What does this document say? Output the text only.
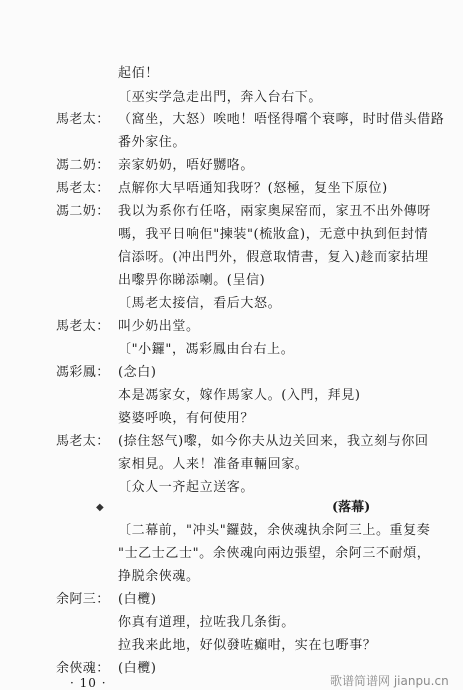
起佰！
〔巫实学急走出門，奔入台右下。
馬老太： （窩坐，大怒）唉吔！唔怪得嚐个衰嚀，时时借头借路
番外家住。
馮二奶： 亲家奶奶，唔好嬲咯。
馬老太： 点解你大早唔通知我呀？(怒極，复坐下原位)
馮二奶： 我以为系你冇任咯，兩家奥屎窑而，家丑不出外傳呀
嗎，我平日响佢"揀装"(梳妝盒)，无意中执到佢封情
信添呀。(冲出門外，假意取情書，复入)趁而家拈埋
出嚟畀你睇添喇。(呈信)
〔馬老太接信，看后大怒。
馬老太： 叫少奶出堂。
〔"小鑼"，馮彩鳳由台右上。
馮彩鳳： (念白)
本是馮家女，嫁作馬家人。(入門，拜見)
婆婆呼唤，有何使用？
馬老太： (捺住怒气)嚟，如今你夫从边关回来，我立刻与你回
家相見。人来！准备車輛回家。
〔众人一齐起立送客。
◆	(落幕)
〔二幕前，"冲头"鑼鼓，余俠魂执余阿三上。重复奏
"士乙士乙士"。余俠魂向兩边張望，余阿三不耐煩，
挣脱余俠魂。
余阿三： (白欖)
你真有道理，拉咗我几条街。
拉我来此地，好似發咗癲咁，实在乜嘢事？
余俠魂： (白欖)
· 10 ·	歌谱简谱网 jianpu.cn
